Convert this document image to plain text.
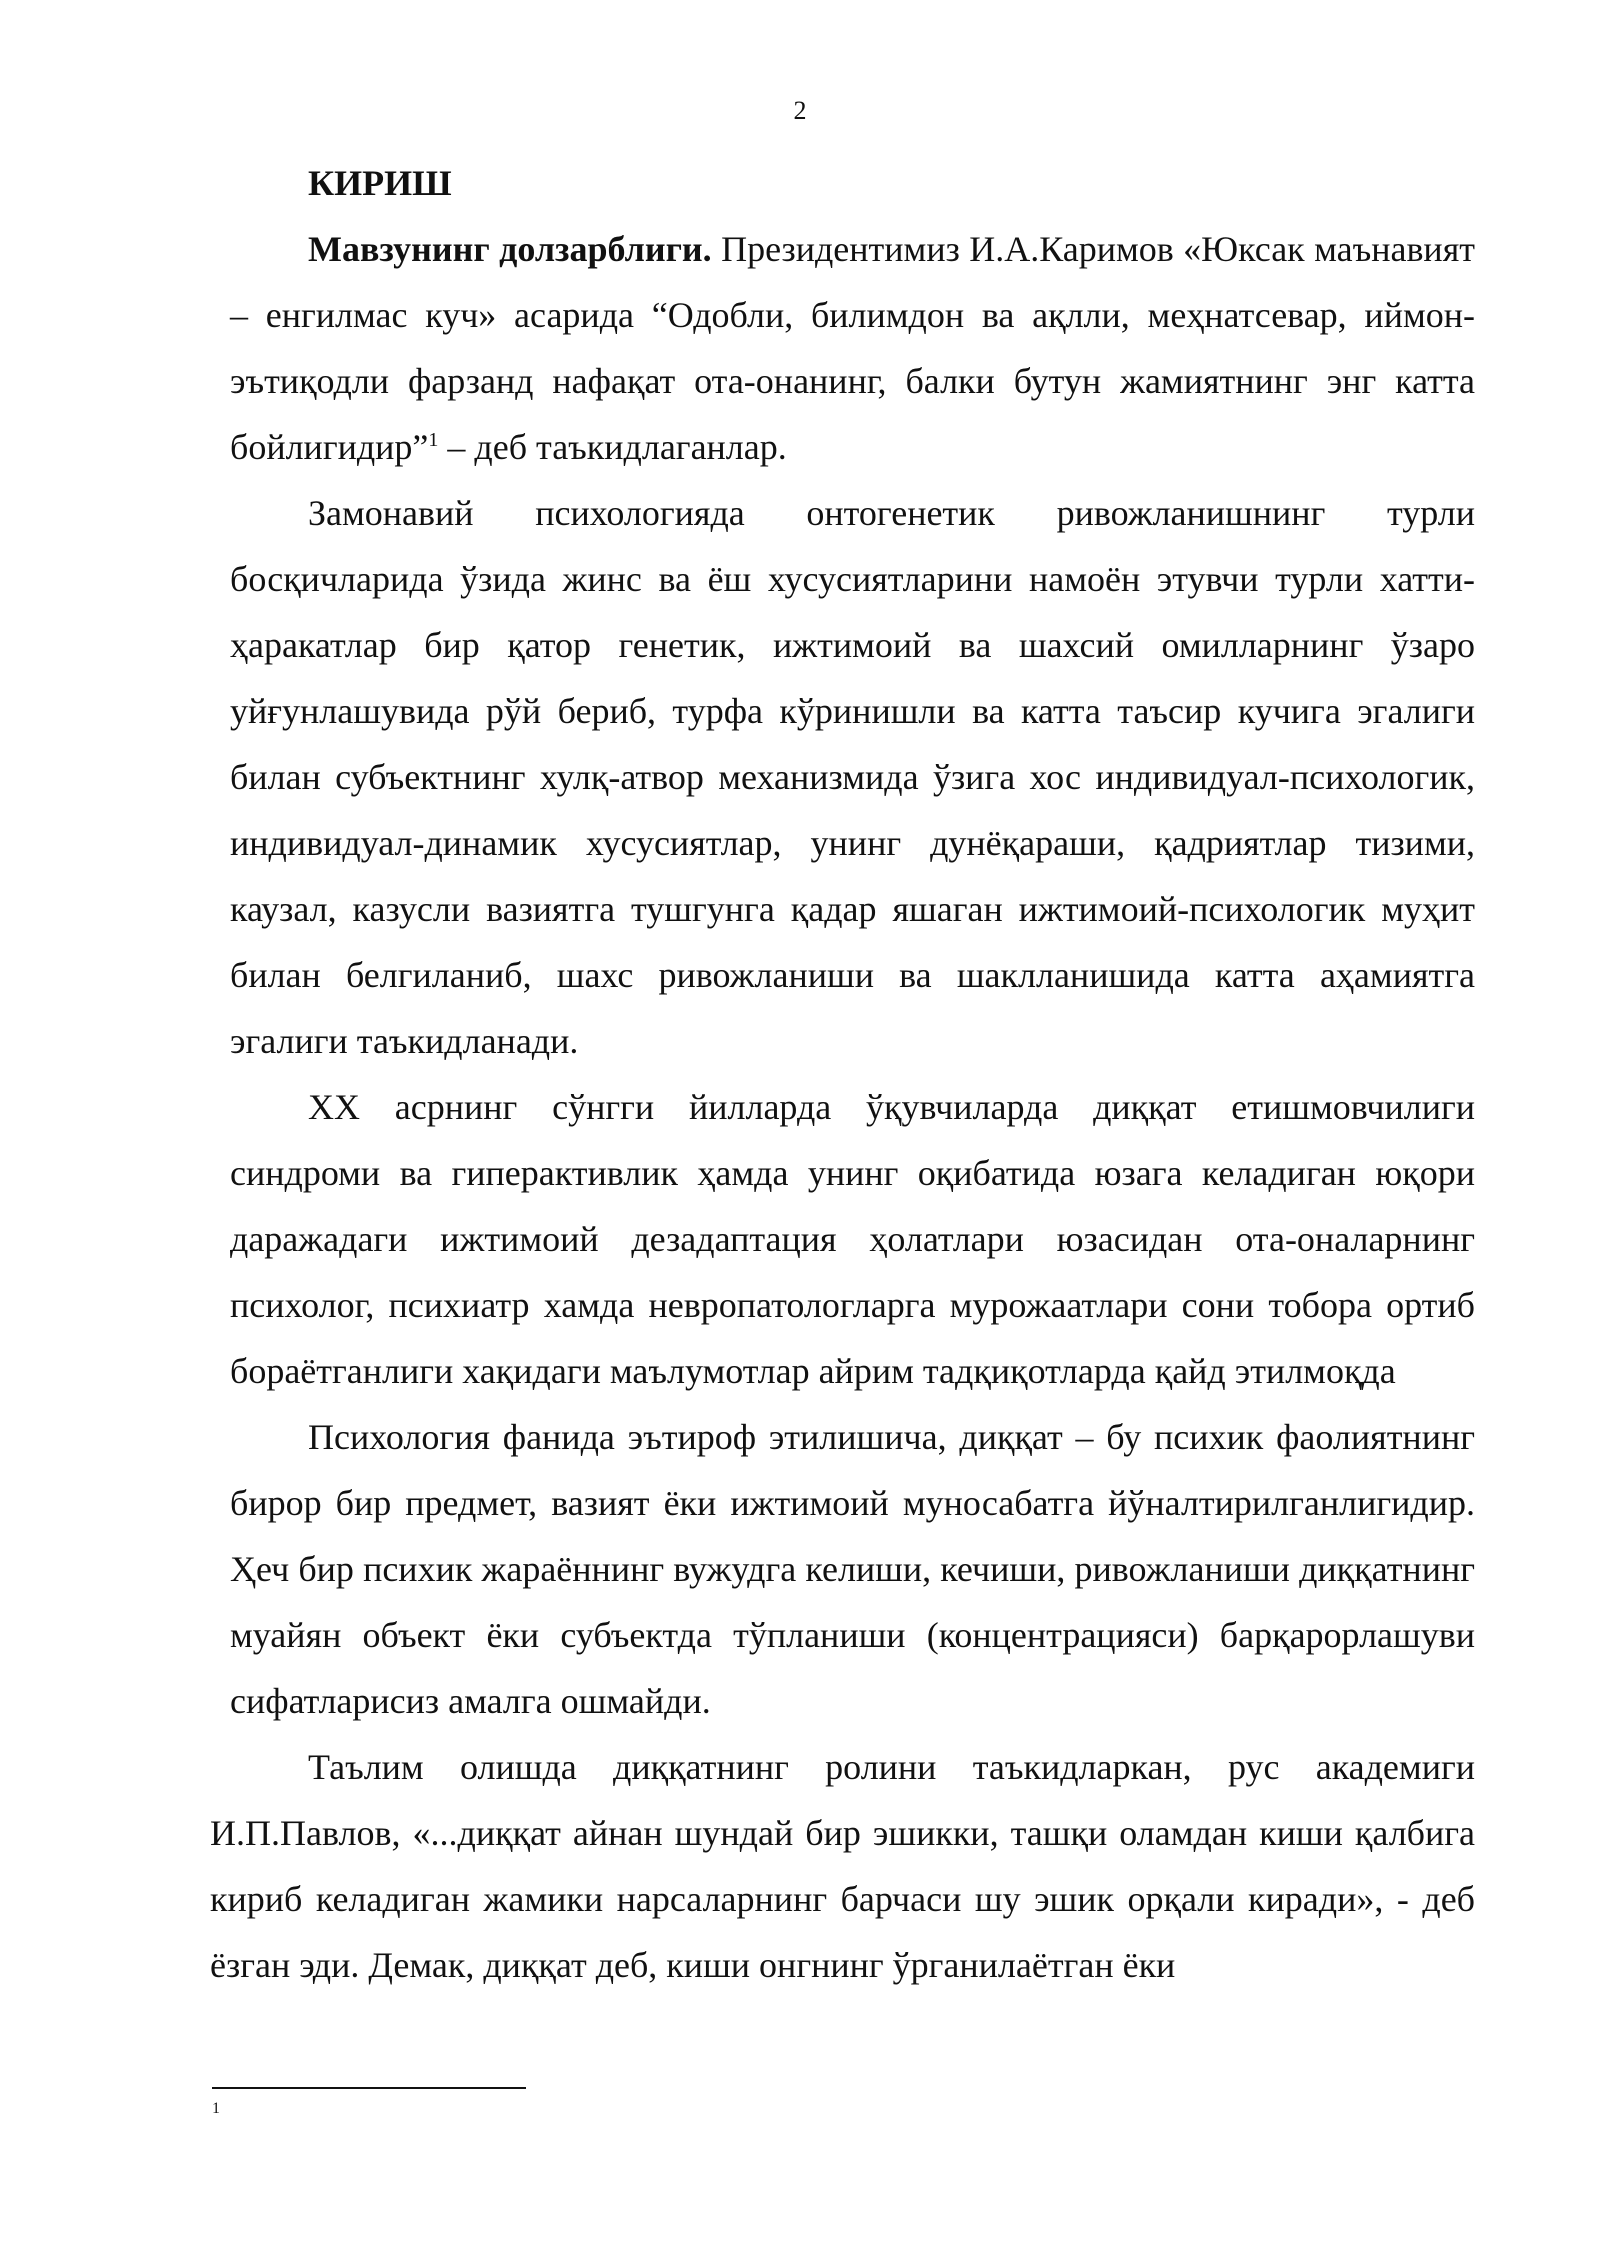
2

КИРИШ

Мавзунинг долзарблиги. Президентимиз И.А.Каримов «Юксак маънавият – енгилмас куч» асарида “Одобли, билимдон ва ақлли, меҳнатсевар, иймон-эътиқодли фарзанд нафақат ота-онанинг, балки бутун жамиятнинг энг катта бойлигидир”$^1$ – деб таъкидлаганлар.

Замонавий психологияда онтогенетик ривожланишнинг турли босқичларида ўзида жинс ва ёш хусусиятларини намоён этувчи турли хатти-ҳаракатлар бир қатор генетик, ижтимоий ва шахсий омилларнинг ўзаро уйғунлашувида рўй бериб, турфа кўринишли ва катта таъсир кучига эгалиги билан субъектнинг хулқ-атвор механизмида ўзига хос индивидуал-психологик, индивидуал-динамик хусусиятлар, унинг дунёқараши, қадриятлар тизими, каузал, казусли вазиятга тушгунга қадар яшаган ижтимоий-психологик муҳит билан белгиланиб, шахс ривожланиши ва шаклланишида катта аҳамиятга эгалиги таъкидланади.

XX асрнинг сўнгги йилларда ўқувчиларда диққат етишмовчилиги синдроми ва гиперактивлик ҳамда унинг оқибатида юзага келадиган юқори даражадаги ижтимоий дезадаптация ҳолатлари юзасидан ота-оналарнинг психолог, психиатр хамда невропатологларга мурожаатлари сони тобора ортиб бораётганлиги хақидаги маълумотлар айрим тадқиқотларда қайд этилмоқда

Психология фанида эътироф этилишича, диққат – бу психик фаолиятнинг бирор бир предмет, вазият ёки ижтимоий муносабатга йўналтирилганлигидир. Ҳеч бир психик жараённинг вужудга келиши, кечиши, ривожланиши диққатнинг муайян объект ёки субъектда тўпланиши (концентрацияси) барқарорлашуви сифатларисиз амалга ошмайди.

Таълим олишда диққатнинг ролини таъкидларкан, рус академиги И.П.Павлов, «...диққат айнан шундай бир эшикки, ташқи оламдан киши қалбига кириб келадиган жамики нарсаларнинг барчаси шу эшик орқали киради», - деб ёзган эди. Демак, диққат деб, киши онгнинг ўрганилаётган ёки

1
